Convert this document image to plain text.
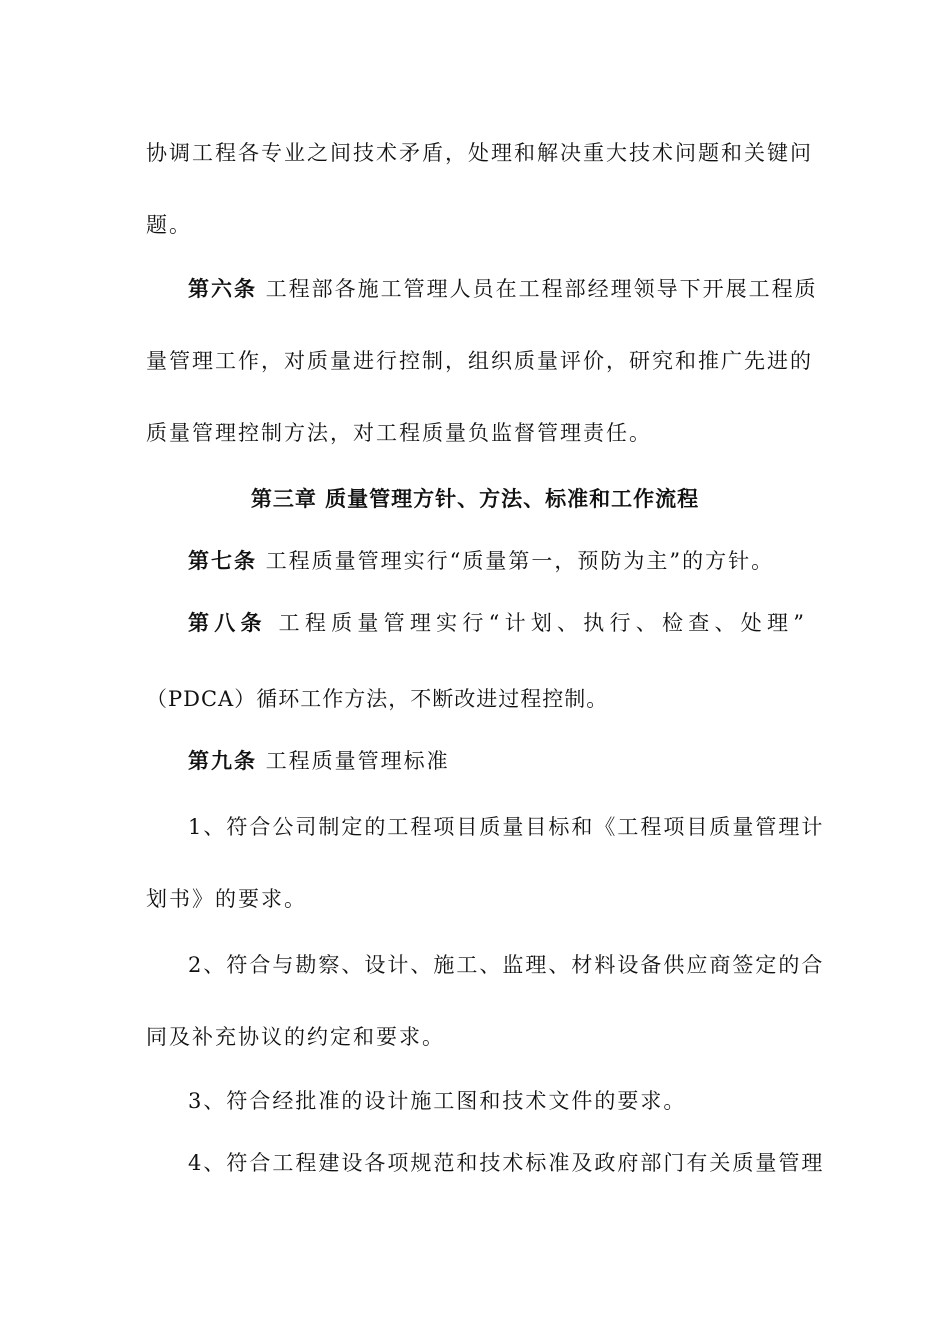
协调工程各专业之间技术矛盾，处理和解决重大技术问题和关键问
题。
第六条 工程部各施工管理人员在工程部经理领导下开展工程质
量管理工作，对质量进行控制，组织质量评价，研究和推广先进的
质量管理控制方法，对工程质量负监督管理责任。
第三章 质量管理方针、方法、标准和工作流程
第七条 工程质量管理实行“质量第一，预防为主”的方针。
第八条 工程质量管理实行“计划、执行、检查、处理”
（PDCA）循环工作方法，不断改进过程控制。
第九条 工程质量管理标准
1、符合公司制定的工程项目质量目标和《工程项目质量管理计
划书》的要求。
2、符合与勘察、设计、施工、监理、材料设备供应商签定的合
同及补充协议的约定和要求。
3、符合经批准的设计施工图和技术文件的要求。
4、符合工程建设各项规范和技术标准及政府部门有关质量管理
